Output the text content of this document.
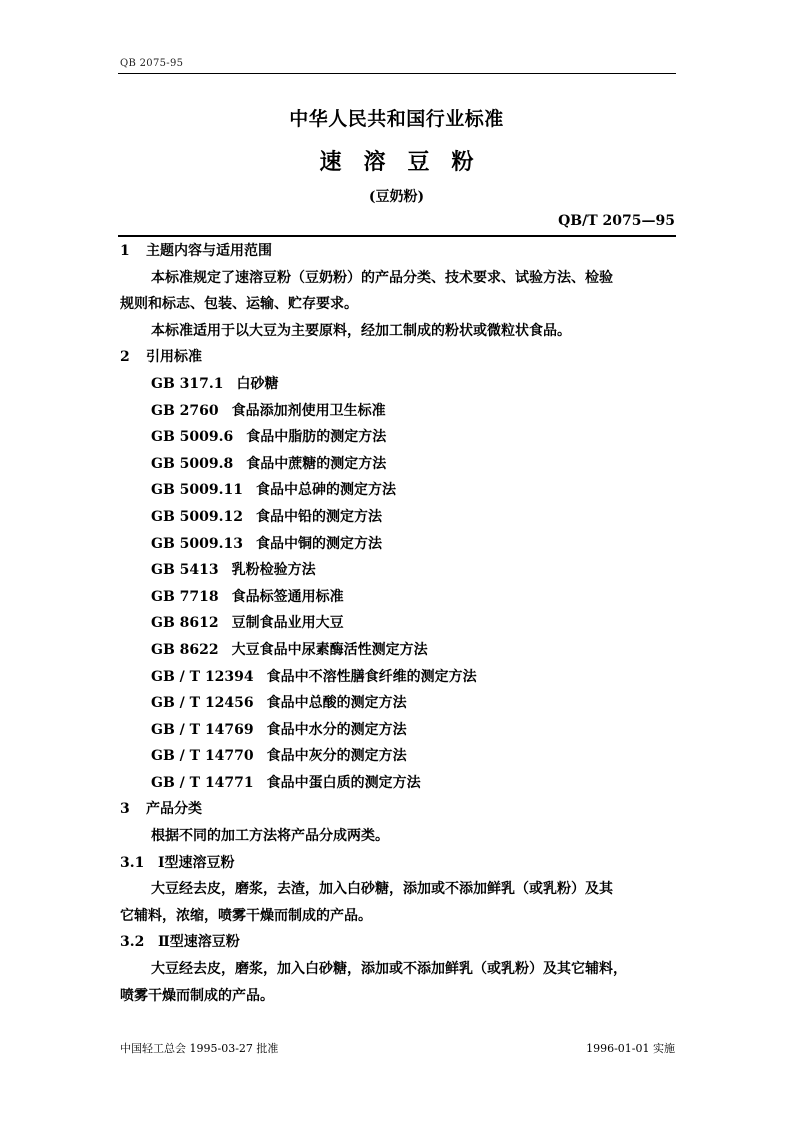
QB 2075-95
中华人民共和国行业标准
速溶豆粉
(豆奶粉)
QB/T 2075—95
1 主题内容与适用范围
本标准规定了速溶豆粉（豆奶粉）的产品分类、技术要求、试验方法、检验
规则和标志、包装、运输、贮存要求。
本标准适用于以大豆为主要原料，经加工制成的粉状或微粒状食品。
2 引用标准
GB 317.1 白砂糖
GB 2760 食品添加剂使用卫生标准
GB 5009.6 食品中脂肪的测定方法
GB 5009.8 食品中蔗糖的测定方法
GB 5009.11 食品中总砷的测定方法
GB 5009.12 食品中铅的测定方法
GB 5009.13 食品中铜的测定方法
GB 5413 乳粉检验方法
GB 7718 食品标签通用标准
GB 8612 豆制食品业用大豆
GB 8622 大豆食品中尿素酶活性测定方法
GB / T 12394 食品中不溶性膳食纤维的测定方法
GB / T 12456 食品中总酸的测定方法
GB / T 14769 食品中水分的测定方法
GB / T 14770 食品中灰分的测定方法
GB / T 14771 食品中蛋白质的测定方法
3 产品分类
根据不同的加工方法将产品分成两类。
3.1 Ⅰ型速溶豆粉
大豆经去皮，磨浆，去渣，加入白砂糖，添加或不添加鲜乳（或乳粉）及其
它辅料，浓缩，喷雾干燥而制成的产品。
3.2 Ⅱ型速溶豆粉
大豆经去皮，磨浆，加入白砂糖，添加或不添加鲜乳（或乳粉）及其它辅料，
喷雾干燥而制成的产品。
中国轻工总会 1995-03-27 批准	1996-01-01 实施
